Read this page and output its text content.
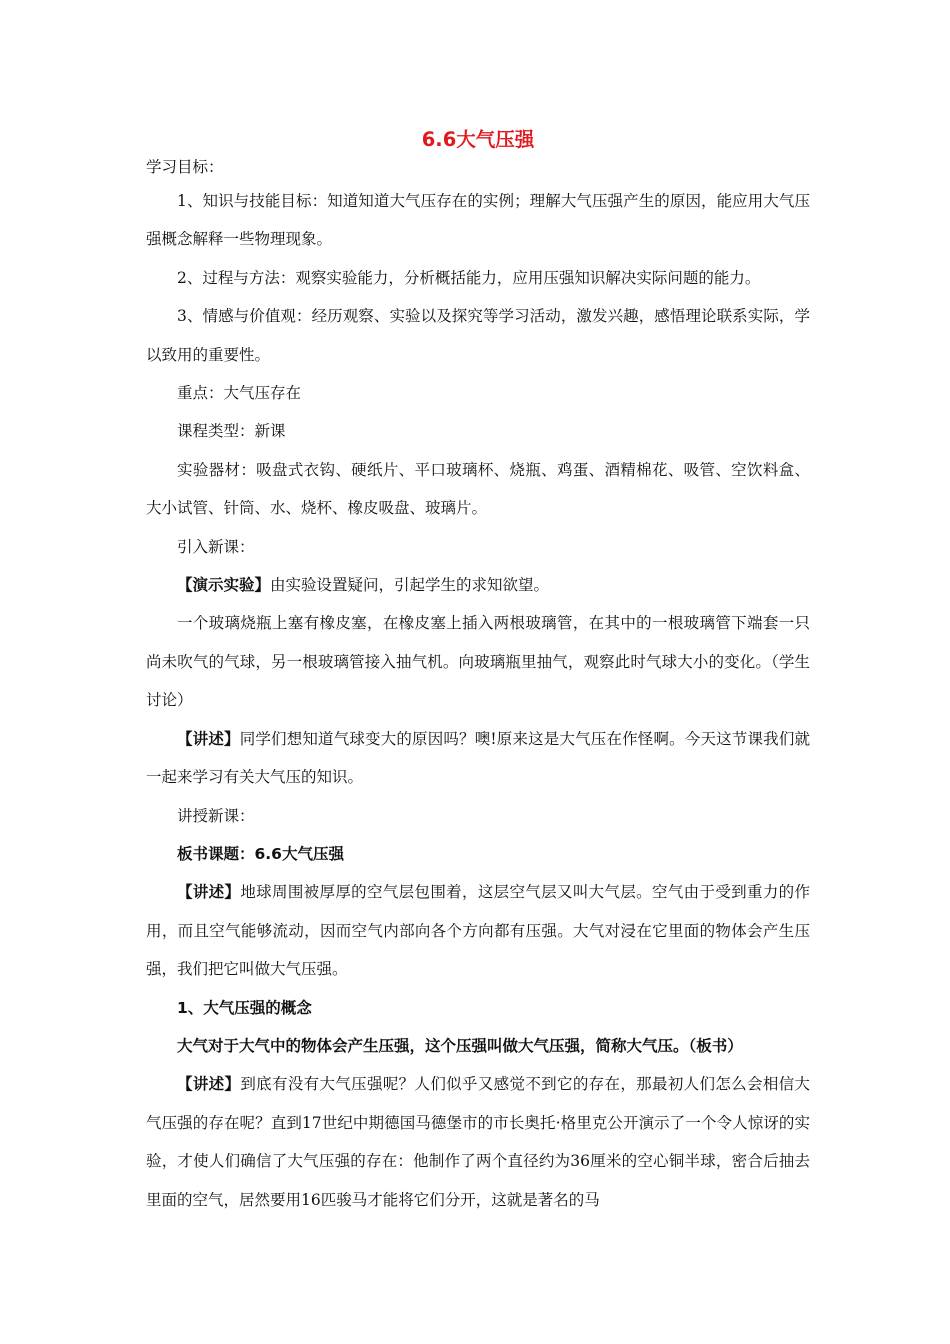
6.6大气压强

学习目标：

1、知识与技能目标：知道知道大气压存在的实例；理解大气压强产生的原因，能应用大气压强概念解释一些物理现象。

2、过程与方法：观察实验能力，分析概括能力，应用压强知识解决实际问题的能力。

3、情感与价值观：经历观察、实验以及探究等学习活动，激发兴趣，感悟理论联系实际，学以致用的重要性。

重点：大气压存在

课程类型：新课

实验器材：吸盘式衣钩、硬纸片、平口玻璃杯、烧瓶、鸡蛋、酒精棉花、吸管、空饮料盒、大小试管、针筒、水、烧杯、橡皮吸盘、玻璃片。

引入新课：

【演示实验】由实验设置疑问，引起学生的求知欲望。

一个玻璃烧瓶上塞有橡皮塞，在橡皮塞上插入两根玻璃管，在其中的一根玻璃管下端套一只尚未吹气的气球，另一根玻璃管接入抽气机。向玻璃瓶里抽气，观察此时气球大小的变化。（学生讨论）

【讲述】同学们想知道气球变大的原因吗？噢!原来这是大气压在作怪啊。今天这节课我们就一起来学习有关大气压的知识。

讲授新课：

板书课题：6.6大气压强

【讲述】地球周围被厚厚的空气层包围着，这层空气层又叫大气层。空气由于受到重力的作用，而且空气能够流动，因而空气内部向各个方向都有压强。大气对浸在它里面的物体会产生压强，我们把它叫做大气压强。

1、大气压强的概念

大气对于大气中的物体会产生压强，这个压强叫做大气压强，简称大气压。（板书）

【讲述】到底有没有大气压强呢？人们似乎又感觉不到它的存在，那最初人们怎么会相信大气压强的存在呢？直到17世纪中期德国马德堡市的市长奥托·格里克公开演示了一个令人惊讶的实验，才使人们确信了大气压强的存在：他制作了两个直径约为36厘米的空心铜半球，密合后抽去里面的空气，居然要用16匹骏马才能将它们分开，这就是著名的马
